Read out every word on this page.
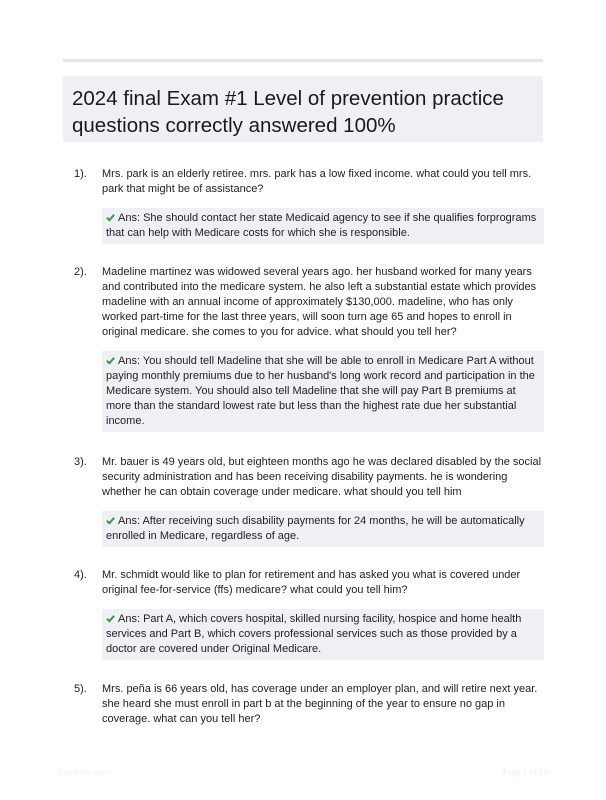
2024 final Exam #1 Level of prevention practice questions correctly answered 100%
1). Mrs. park is an elderly retiree. mrs. park has a low fixed income. what could you tell mrs. park that might be of assistance?
Ans: She should contact her state Medicaid agency to see if she qualifies forprograms that can help with Medicare costs for which she is responsible.
2). Madeline martinez was widowed several years ago. her husband worked for many years and contributed into the medicare system. he also left a substantial estate which provides madeline with an annual income of approximately $130,000. madeline, who has only worked part-time for the last three years, will soon turn age 65 and hopes to enroll in original medicare. she comes to you for advice. what should you tell her?
Ans: You should tell Madeline that she will be able to enroll in Medicare Part A without paying monthly premiums due to her husband's long work record and participation in the Medicare system. You should also tell Madeline that she will pay Part B premiums at more than the standard lowest rate but less than the highest rate due her substantial income.
3). Mr. bauer is 49 years old, but eighteen months ago he was declared disabled by the social security administration and has been receiving disability payments. he is wondering whether he can obtain coverage under medicare. what should you tell him
Ans: After receiving such disability payments for 24 months, he will be automatically enrolled in Medicare, regardless of age.
4). Mr. schmidt would like to plan for retirement and has asked you what is covered under original fee-for-service (ffs) medicare? what could you tell him?
Ans: Part A, which covers hospital, skilled nursing facility, hospice and home health services and Part B, which covers professional services such as those provided by a doctor are covered under Original Medicare.
5). Mrs. peña is 66 years old, has coverage under an employer plan, and will retire next year. she heard she must enroll in part b at the beginning of the year to ensure no gap in coverage. what can you tell her?
Papertitic.com	Page 1 of 10
